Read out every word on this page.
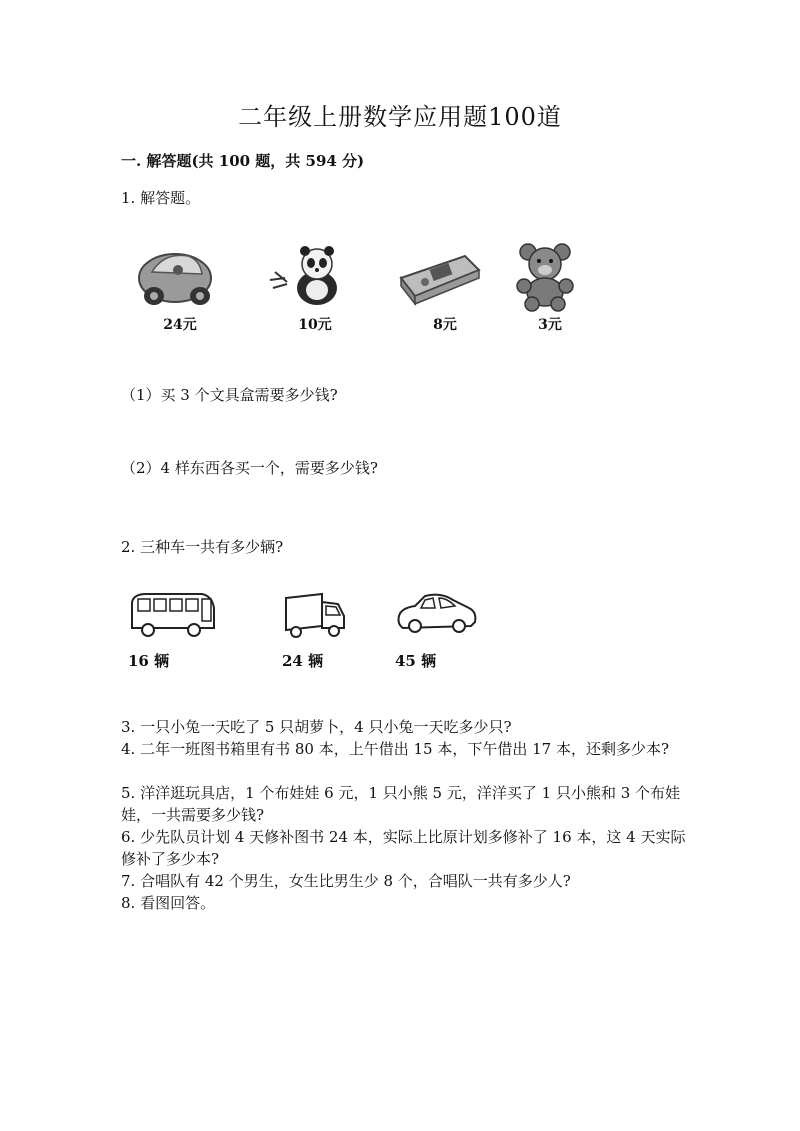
二年级上册数学应用题100道
一. 解答题(共 100 题，共 594 分)
1. 解答题。
24元	10元	8元	3元
（1）买 3 个文具盒需要多少钱?
（2）4 样东西各买一个，需要多少钱?
2. 三种车一共有多少辆?
16 辆	24 辆	45 辆
3. 一只小兔一天吃了 5 只胡萝卜，4 只小兔一天吃多少只?
4. 二年一班图书箱里有书 80 本，上午借出 15 本，下午借出 17 本，还剩多少本?
5. 洋洋逛玩具店，1 个布娃娃 6 元，1 只小熊 5 元，洋洋买了 1 只小熊和 3 个布娃娃，一共需要多少钱?
6. 少先队员计划 4 天修补图书 24 本，实际上比原计划多修补了 16 本，这 4 天实际修补了多少本?
7. 合唱队有 42 个男生，女生比男生少 8 个，合唱队一共有多少人?
8. 看图回答。
